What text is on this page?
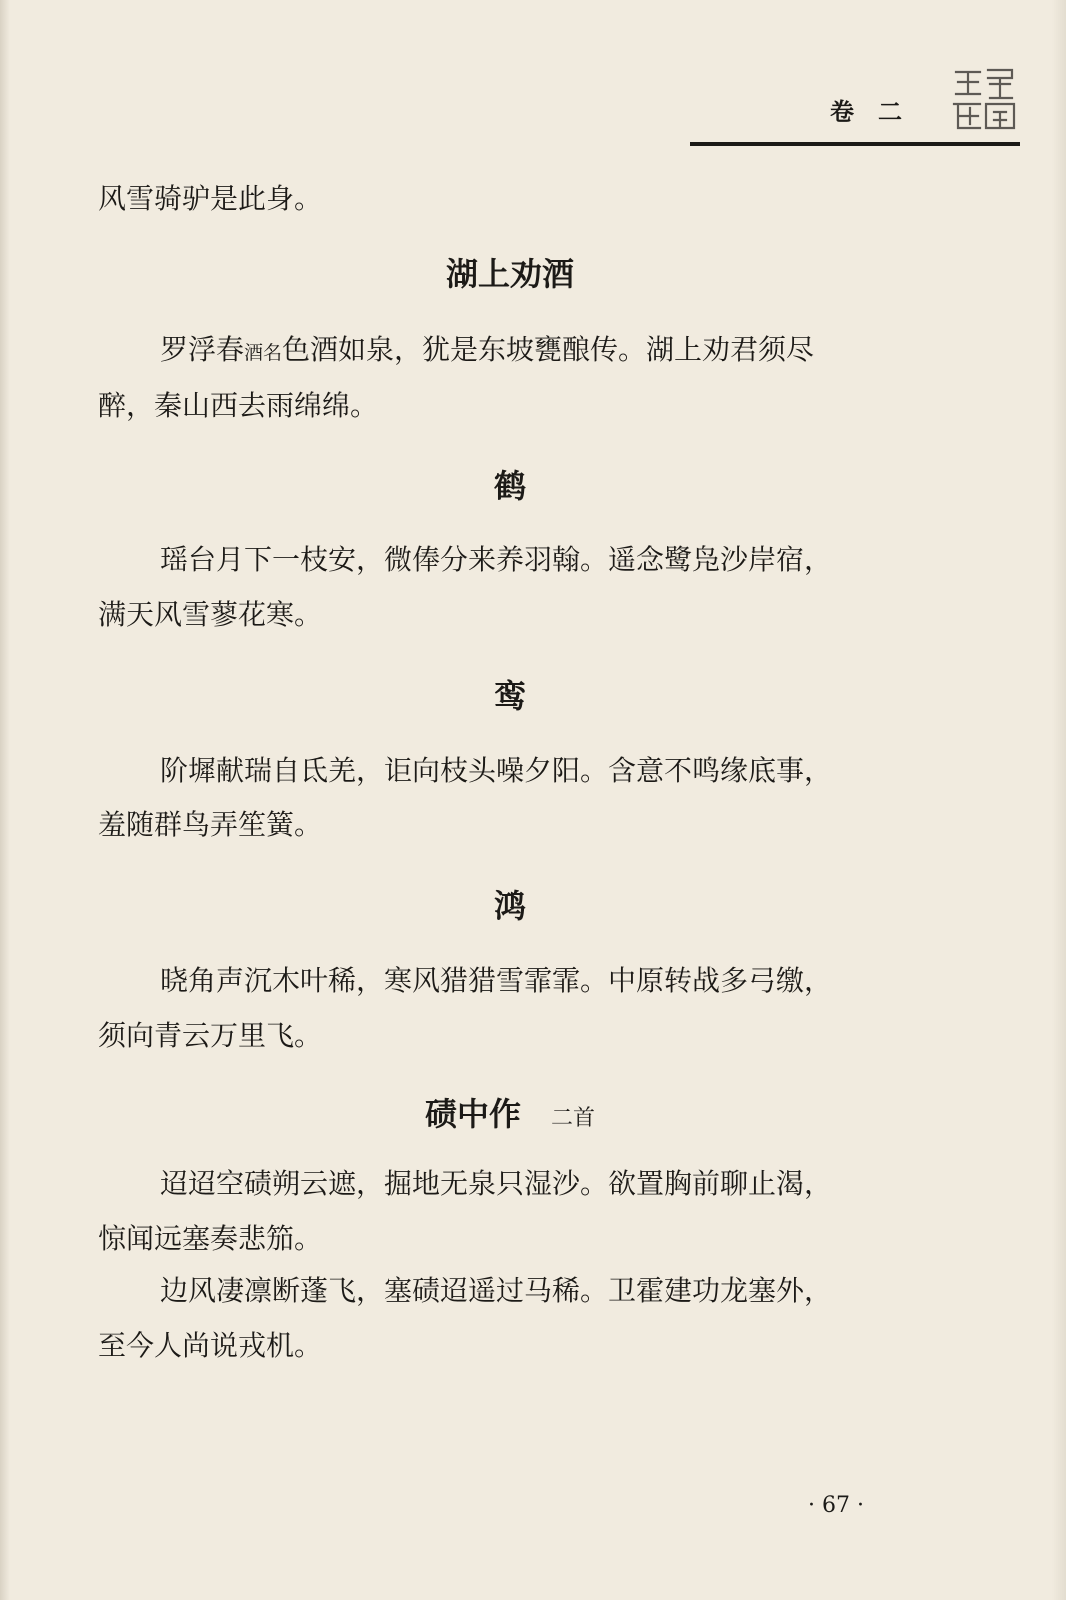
卷二
风雪骑驴是此身。
湖上劝酒
罗浮春酒名色酒如泉，犹是东坡甕酿传。湖上劝君须尽
醉，秦山西去雨绵绵。
鹤
瑶台月下一枝安，微俸分来养羽翰。遥念鹭凫沙岸宿，
满天风雪蓼花寒。
鸾
阶墀献瑞自氐羌，讵向枝头噪夕阳。含意不鸣缘底事，
羞随群鸟弄笙簧。
鸿
晓角声沉木叶稀，寒风猎猎雪霏霏。中原转战多弓缴，
须向青云万里飞。
碛中作 二首
迢迢空碛朔云遮，掘地无泉只湿沙。欲置胸前聊止渴，
惊闻远塞奏悲笳。
边风凄凛断蓬飞，塞碛迢遥过马稀。卫霍建功龙塞外，
至今人尚说戎机。
· 67 ·
